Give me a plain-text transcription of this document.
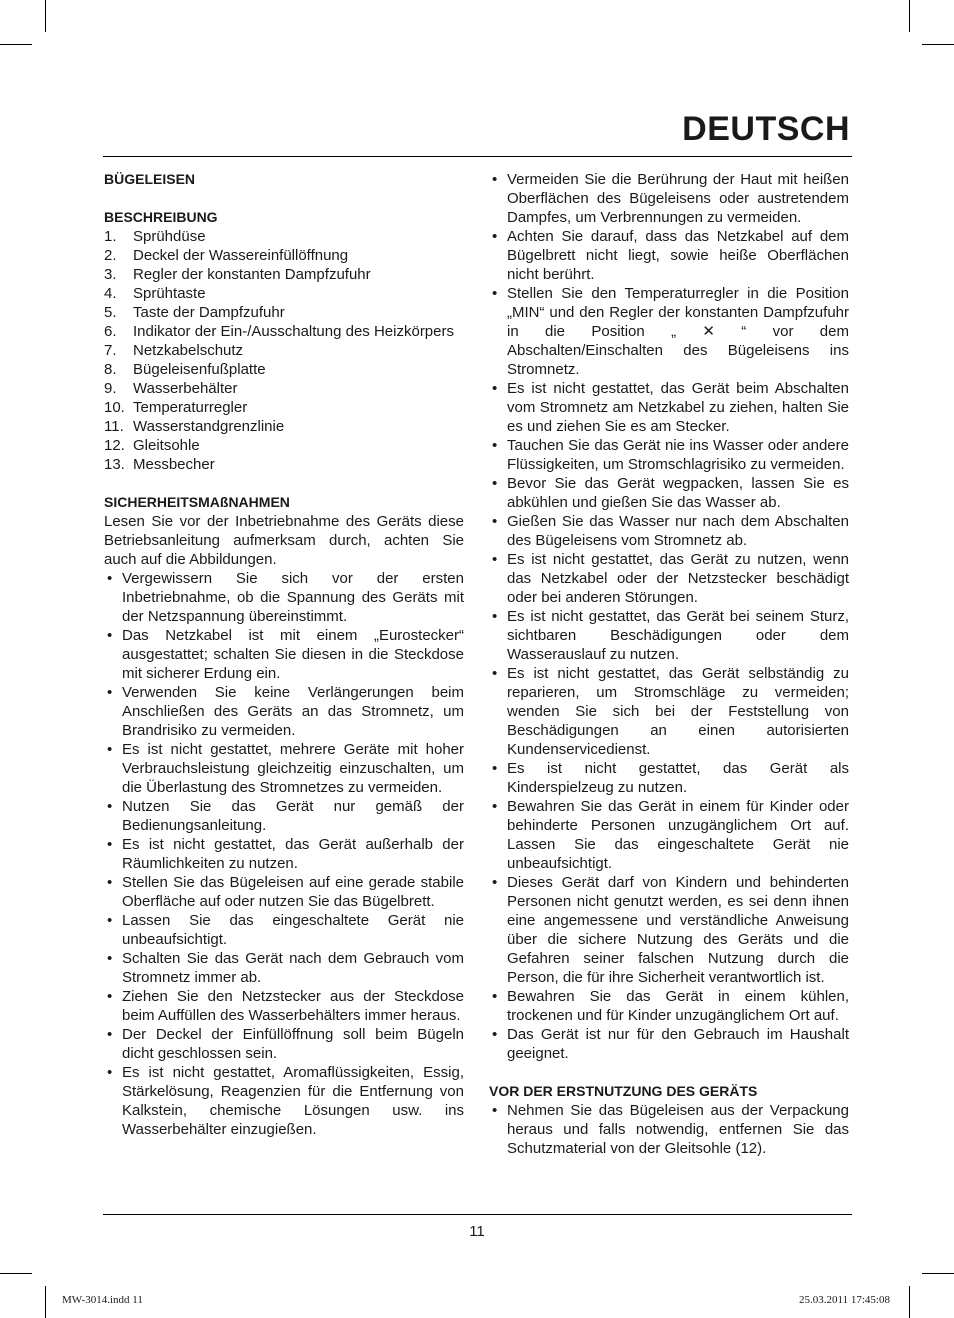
DEUTSCH
BÜGELEISEN
BESCHREIBUNG
1. Sprühdüse
2. Deckel der Wassereinfüllöffnung
3. Regler der konstanten Dampfzufuhr
4. Sprühtaste
5. Taste der Dampfzufuhr
6. Indikator der Ein-/Ausschaltung des Heizkörpers
7. Netzkabelschutz
8. Bügeleisenfußplatte
9. Wasserbehälter
10. Temperaturregler
11. Wasserstandgrenzlinie
12. Gleitsohle
13. Messbecher
SICHERHEITSMAßNAHMEN

Lesen Sie vor der Inbetriebnahme des Geräts diese Betriebsanleitung aufmerksam durch, achten Sie auch auf die Abbildungen.

• Vergewissern Sie sich vor der ersten Inbetriebnahme, ob die Spannung des Geräts mit der Netzspannung übereinstimmt.
• Das Netzkabel ist mit einem „Eurostecker“ ausgestattet; schalten Sie diesen in die Steckdose mit sicherer Erdung ein.
• Verwenden Sie keine Verlängerungen beim Anschließen des Geräts an das Stromnetz, um Brandrisiko zu vermeiden.
• Es ist nicht gestattet, mehrere Geräte mit hoher Verbrauchsleistung gleichzeitig einzuschalten, um die Überlastung des Stromnetzes zu vermeiden.
• Nutzen Sie das Gerät nur gemäß der Bedienungsanleitung.
• Es ist nicht gestattet, das Gerät außerhalb der Räumlichkeiten zu nutzen.
• Stellen Sie das Bügeleisen auf eine gerade stabile Oberfläche auf oder nutzen Sie das Bügelbrett.
• Lassen Sie das eingeschaltete Gerät nie unbeaufsichtigt.
• Schalten Sie das Gerät nach dem Gebrauch vom Stromnetz immer ab.
• Ziehen Sie den Netzstecker aus der Steckdose beim Auffüllen des Wasserbehälters immer heraus.
• Der Deckel der Einfüllöffnung soll beim Bügeln dicht geschlossen sein.
• Es ist nicht gestattet, Aromaflüssigkeiten, Essig, Stärkelösung, Reagenzien für die Entfernung von Kalkstein, chemische Lösungen usw. ins Wasserbehälter einzugießen.
• Vermeiden Sie die Berührung der Haut mit heißen Oberflächen des Bügeleisens oder austretendem Dampfes, um Verbrennungen zu vermeiden.
• Achten Sie darauf, dass das Netzkabel auf dem Bügelbrett nicht liegt, sowie heiße Oberflächen nicht berührt.
• Stellen Sie den Temperaturregler in die Position „MIN“ und den Regler der konstanten Dampfzufuhr in die Position „ ✕ “ vor dem Abschalten/Einschalten des Bügeleisens ins Stromnetz.
• Es ist nicht gestattet, das Gerät beim Abschalten vom Stromnetz am Netzkabel zu ziehen, halten Sie es und ziehen Sie es am Stecker.
• Tauchen Sie das Gerät nie ins Wasser oder andere Flüssigkeiten, um Stromschlagrisiko zu vermeiden.
• Bevor Sie das Gerät wegpacken, lassen Sie es abkühlen und gießen Sie das Wasser ab.
• Gießen Sie das Wasser nur nach dem Abschalten des Bügeleisens vom Stromnetz ab.
• Es ist nicht gestattet, das Gerät zu nutzen, wenn das Netzkabel oder der Netzstecker beschädigt oder bei anderen Störungen.
• Es ist nicht gestattet, das Gerät bei seinem Sturz, sichtbaren Beschädigungen oder dem Wasserauslauf zu nutzen.
• Es ist nicht gestattet, das Gerät selbständig zu reparieren, um Stromschläge zu vermeiden; wenden Sie sich bei der Feststellung von Beschädigungen an einen autorisierten Kundenservicedienst.
• Es ist nicht gestattet, das Gerät als Kinderspielzeug zu nutzen.
• Bewahren Sie das Gerät in einem für Kinder oder behinderte Personen unzugänglichem Ort auf. Lassen Sie das eingeschaltete Gerät nie unbeaufsichtigt.
• Dieses Gerät darf von Kindern und behinderten Personen nicht genutzt werden, es sei denn ihnen eine angemessene und verständliche Anweisung über die sichere Nutzung des Geräts und die Gefahren seiner falschen Nutzung durch die Person, die für ihre Sicherheit verantwortlich ist.
• Bewahren Sie das Gerät in einem kühlen, trockenen und für Kinder unzugänglichem Ort auf.
• Das Gerät ist nur für den Gebrauch im Haushalt geeignet.
VOR DER ERSTNUTZUNG DES GERÄTS
• Nehmen Sie das Bügeleisen aus der Verpackung heraus und falls notwendig, entfernen Sie das Schutzmaterial von der Gleitsohle (12).
11
MW-3014.indd 11	25.03.2011 17:45:08
